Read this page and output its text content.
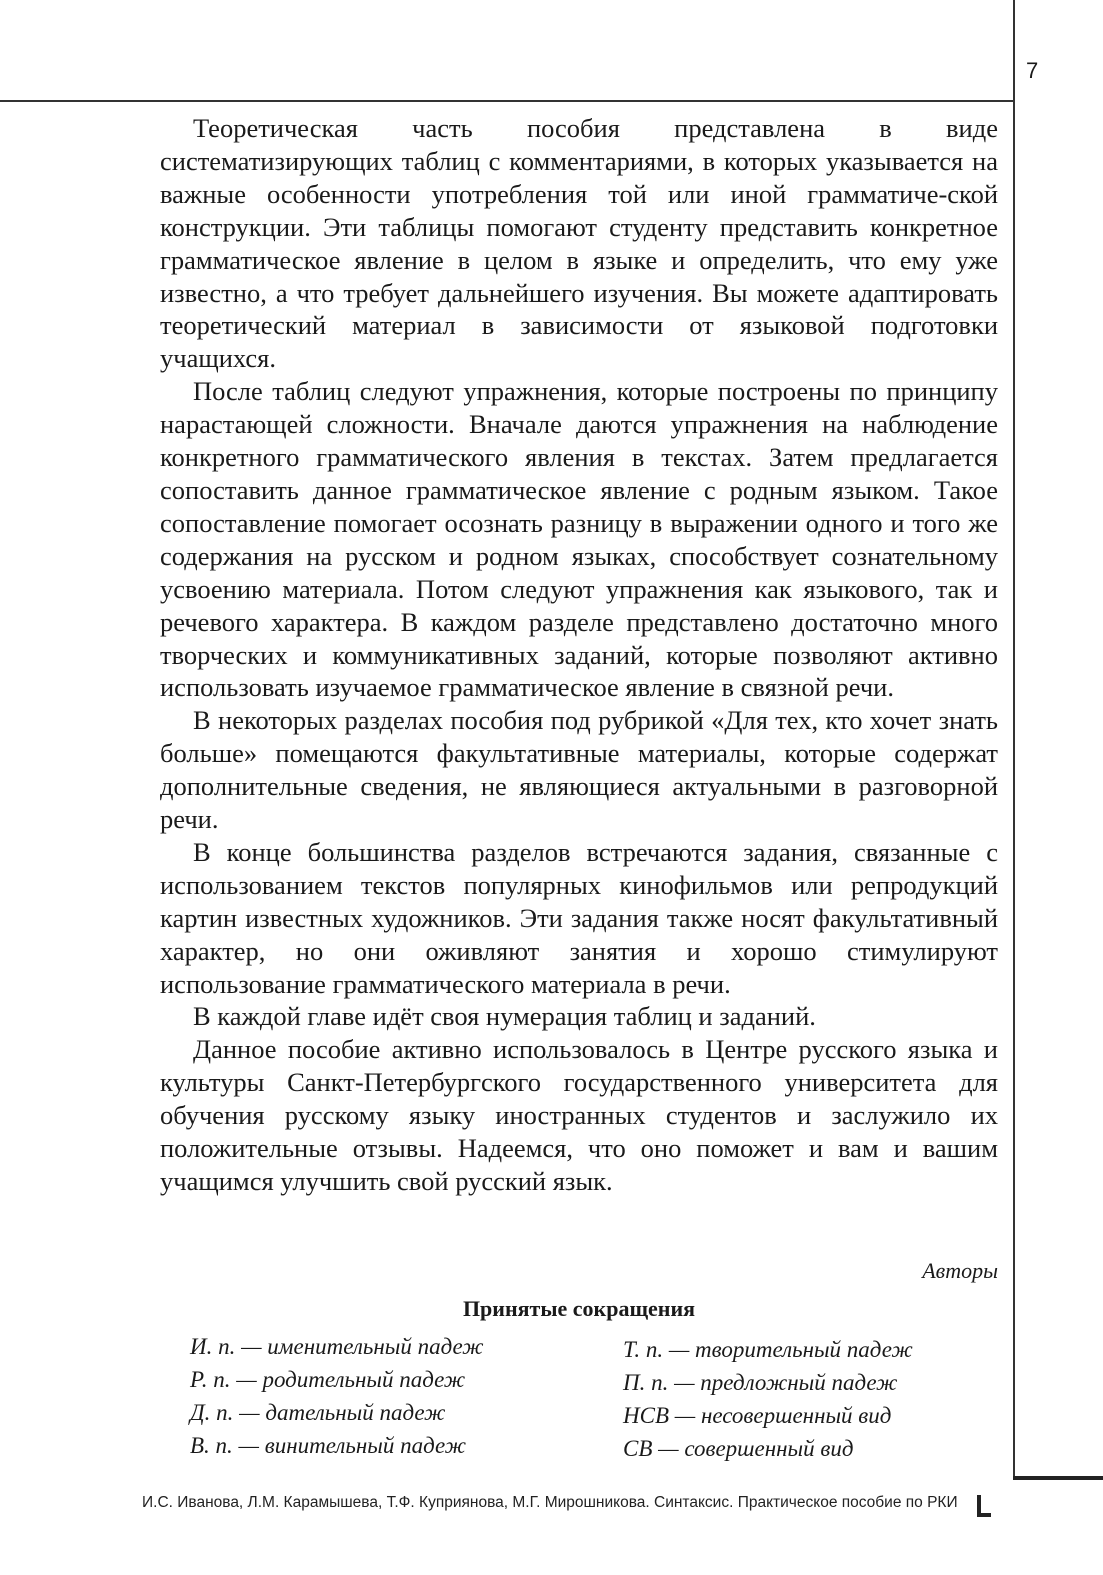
7

Теоретическая часть пособия представлена в виде систематизирующих таблиц с комментариями, в которых указывается на важные особенности употребления той или иной грамматиче-ской конструкции. Эти таблицы помогают студенту представить конкретное грамматическое явление в целом в языке и определить, что ему уже известно, а что требует дальнейшего изучения. Вы можете адаптировать теоретический материал в зависимости от языковой подготовки учащихся.

После таблиц следуют упражнения, которые построены по принципу нарастающей сложности. Вначале даются упражнения на наблюдение конкретного грамматического явления в текстах. Затем предлагается сопоставить данное грамматическое явление с родным языком. Такое сопоставление помогает осознать разницу в выражении одного и того же содержания на русском и родном языках, способствует сознательному усвоению материала. Потом следуют упражнения как языкового, так и речевого характера. В каждом разделе представлено достаточно много творческих и коммуникативных заданий, которые позволяют активно использовать изучаемое грамматическое явление в связной речи.

В некоторых разделах пособия под рубрикой «Для тех, кто хочет знать больше» помещаются факультативные материалы, которые содержат дополнительные сведения, не являющиеся актуальными в разговорной речи.

В конце большинства разделов встречаются задания, связанные с использованием текстов популярных кинофильмов или репродукций картин известных художников. Эти задания также носят факультативный характер, но они оживляют занятия и хорошо стимулируют использование грамматического материала в речи.

В каждой главе идёт своя нумерация таблиц и заданий.

Данное пособие активно использовалось в Центре русского языка и культуры Санкт-Петербургского государственного университета для обучения русскому языку иностранных студентов и заслужило их положительные отзывы. Надеемся, что оно поможет и вам и вашим учащимся улучшить свой русский язык.

Авторы
Принятые сокращения
И. п. — именительный падеж
Р. п. — родительный падеж
Д. п. — дательный падеж
В. п. — винительный падеж
Т. п. — творительный падеж
П. п. — предложный падеж
НСВ — несовершенный вид
СВ — совершенный вид
И.С. Иванова, Л.М. Карамышева, Т.Ф. Куприянова, М.Г. Мирошникова. Синтаксис. Практическое пособие по РКИ
